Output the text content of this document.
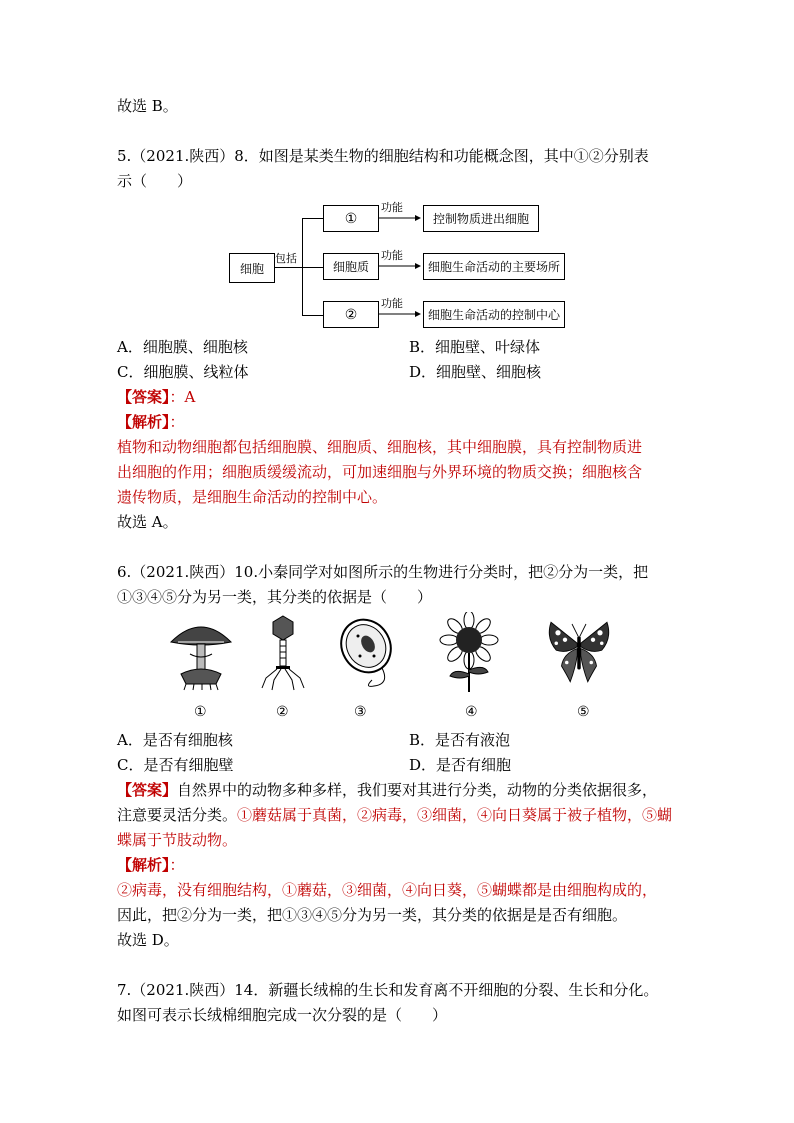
故选 B。
5.（2021.陕西）8．如图是某类生物的细胞结构和功能概念图，其中①②分别表
示（　　）
细胞
包括
①
细胞质
②
功能
功能
功能
控制物质进出细胞
细胞生命活动的主要场所
细胞生命活动的控制中心
A．细胞膜、细胞核	B．细胞壁、叶绿体
C．细胞膜、线粒体	D．细胞壁、细胞核
【答案】：A
【解析】：
植物和动物细胞都包括细胞膜、细胞质、细胞核，其中细胞膜，具有控制物质进
出细胞的作用；细胞质缓缓流动，可加速细胞与外界环境的物质交换；细胞核含
遗传物质，是细胞生命活动的控制中心。
故选 A。
6.（2021.陕西）10.小秦同学对如图所示的生物进行分类时，把②分为一类，把
①③④⑤分为另一类，其分类的依据是（　　）
①	②	③	④	⑤
A．是否有细胞核	B．是否有液泡
C．是否有细胞壁	D．是否有细胞
【答案】自然界中的动物多种多样，我们要对其进行分类，动物的分类依据很多，
注意要灵活分类。①蘑菇属于真菌，②病毒，③细菌，④向日葵属于被子植物，⑤蝴
蝶属于节肢动物。
【解析】：
②病毒，没有细胞结构，①蘑菇，③细菌，④向日葵，⑤蝴蝶都是由细胞构成的，
因此，把②分为一类，把①③④⑤分为另一类，其分类的依据是是否有细胞。
故选 D。
7.（2021.陕西）14．新疆长绒棉的生长和发育离不开细胞的分裂、生长和分化。
如图可表示长绒棉细胞完成一次分裂的是（　　）
